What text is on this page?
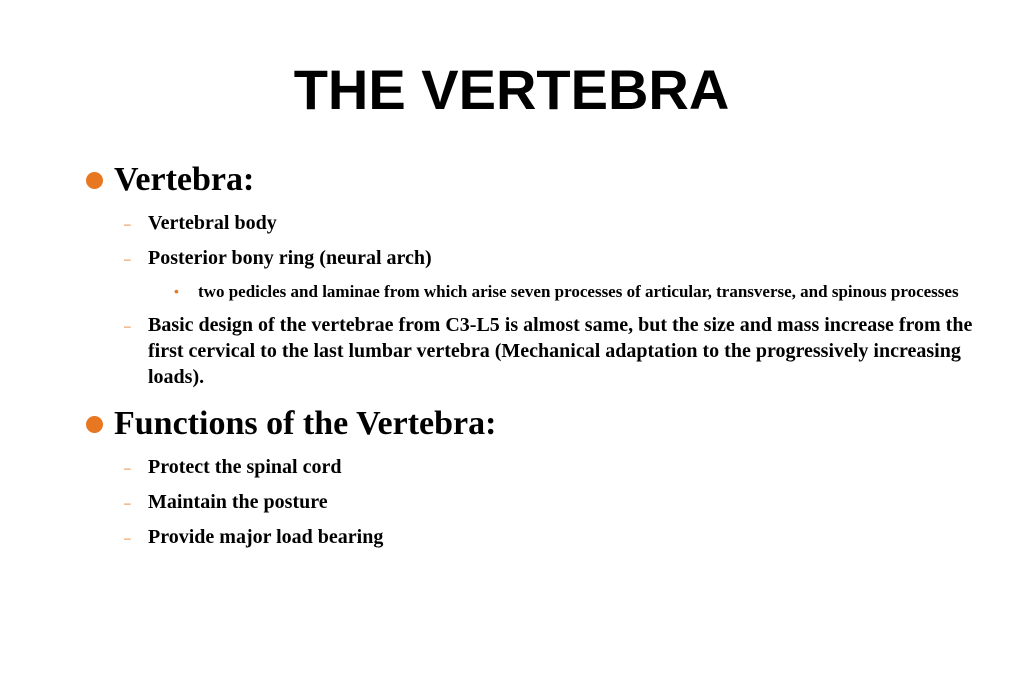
THE VERTEBRA
Vertebra:
– Vertebral body
– Posterior bony ring (neural arch)
• two pedicles and laminae from which arise seven processes of articular, transverse, and spinous processes
– Basic design of the vertebrae from C3-L5 is almost same, but the size and mass increase from the first cervical to the last lumbar vertebra (Mechanical adaptation to the progressively increasing loads).
Functions of the Vertebra:
– Protect the spinal cord
– Maintain the posture
– Provide major load bearing
